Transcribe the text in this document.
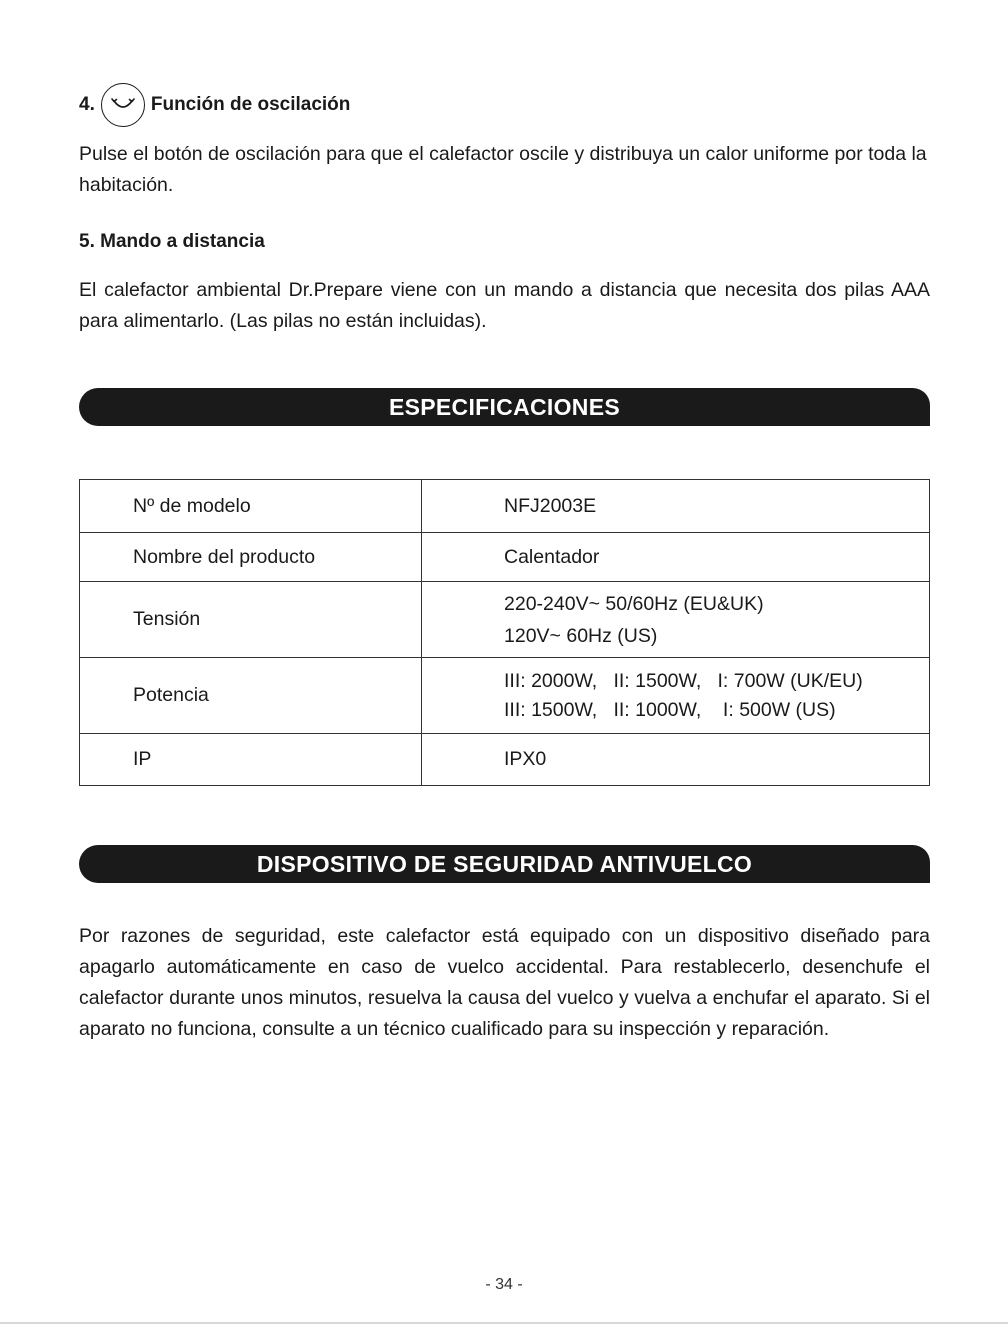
4.	Función de oscilación

Pulse el botón de oscilación para que el calefactor oscile y distribuya un calor uniforme por toda la habitación.

5. Mando a distancia

El calefactor ambiental Dr.Prepare viene con un mando a distancia que necesita dos pilas AAA para alimentarlo. (Las pilas no están incluidas).

ESPECIFICACIONES
Nº de modelo	NFJ2003E

Nombre del producto	Calentador

Tensión	220-240V~ 50/60Hz (EU&UK)
120V~ 60Hz (US)

Potencia	III: 2000W,   II: 1500W,   I: 700W (UK/EU)
III: 1500W,   II: 1000W,    I: 500W (US)

IP	IPX0
DISPOSITIVO DE SEGURIDAD ANTIVUELCO

Por razones de seguridad, este calefactor está equipado con un dispositivo diseñado para apagarlo automáticamente en caso de vuelco accidental. Para restablecerlo, desenchufe el calefactor durante unos minutos, resuelva la causa del vuelco y vuelva a enchufar el aparato. Si el aparato no funciona, consulte a un técnico cualificado para su inspección y reparación.

- 34 -
